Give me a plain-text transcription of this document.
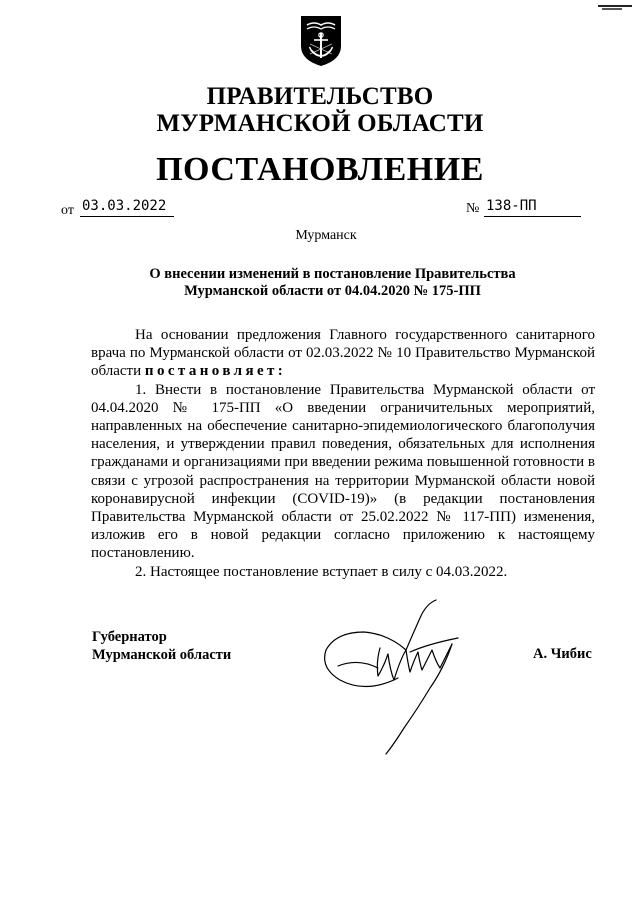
ПРАВИТЕЛЬСТВО
МУРМАНСКОЙ ОБЛАСТИ
ПОСТАНОВЛЕНИЕ
от 03.03.2022	№ 138-ПП
Мурманск
О внесении изменений в постановление Правительства Мурманской области от 04.04.2020 № 175-ПП

На основании предложения Главного государственного санитарного врача по Мурманской области от 02.03.2022 № 10 Правительство Мурманской области постановляет:

1. Внести в постановление Правительства Мурманской области от 04.04.2020 № 175-ПП «О введении ограничительных мероприятий, направленных на обеспечение санитарно-эпидемиологического благополучия населения, и утверждении правил поведения, обязательных для исполнения гражданами и организациями при введении режима повышенной готовности в связи с угрозой распространения на территории Мурманской области новой коронавирусной инфекции (COVID-19)» (в редакции постановления Правительства Мурманской области от 25.02.2022 № 117-ПП) изменения, изложив его в новой редакции согласно приложению к настоящему постановлению.

2. Настоящее постановление вступает в силу с 04.03.2022.

Губернатор
Мурманской области	А. Чибис
